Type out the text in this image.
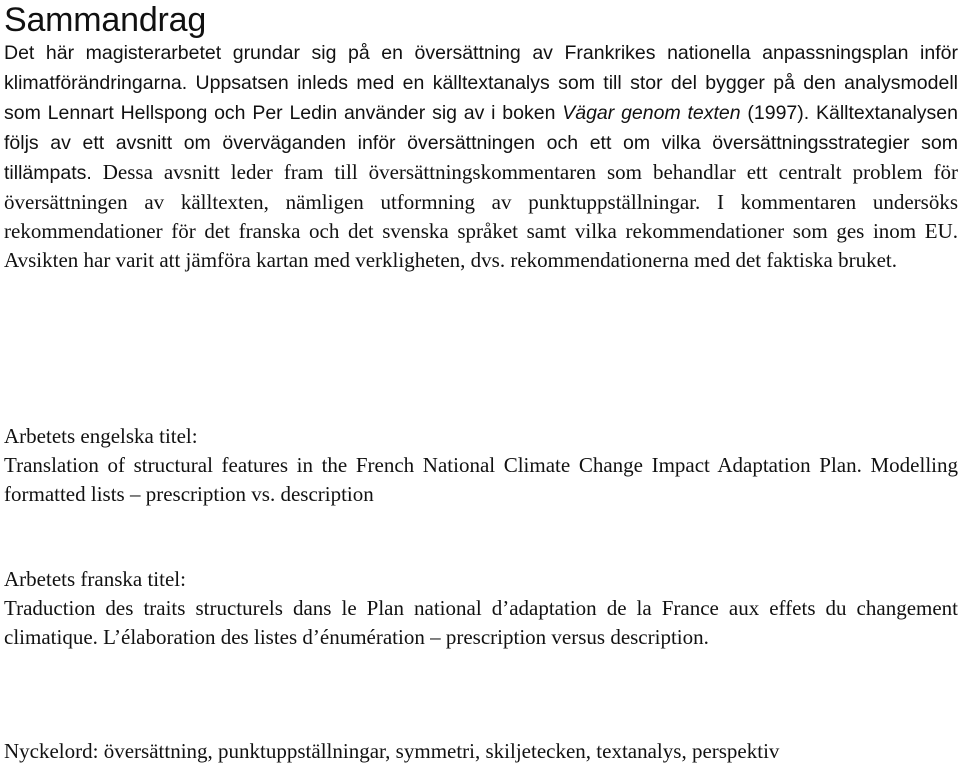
Sammandrag

Det här magisterarbetet grundar sig på en översättning av Frankrikes nationella anpassningsplan inför klimatförändringarna. Uppsatsen inleds med en källtextanalys som till stor del bygger på den analysmodell som Lennart Hellspong och Per Ledin använder sig av i boken Vägar genom texten (1997). Källtextanalysen följs av ett avsnitt om överväganden inför översättningen och ett om vilka översättningsstrategier som tillämpats. Dessa avsnitt leder fram till översättningskommentaren som behandlar ett centralt problem för översättningen av källtexten, nämligen utformning av punktuppställningar. I kommentaren undersöks rekommendationer för det franska och det svenska språket samt vilka rekommendationer som ges inom EU. Avsikten har varit att jämföra kartan med verkligheten, dvs. rekommendationerna med det faktiska bruket.

Arbetets engelska titel:

Translation of structural features in the French National Climate Change Impact Adaptation Plan. Modelling formatted lists – prescription vs. description

Arbetets franska titel:

Traduction des traits structurels dans le Plan national d’adaptation de la France aux effets du changement climatique. L’élaboration des listes d’énumération – prescription versus description.

Nyckelord: översättning, punktuppställningar, symmetri, skiljetecken, textanalys, perspektiv
